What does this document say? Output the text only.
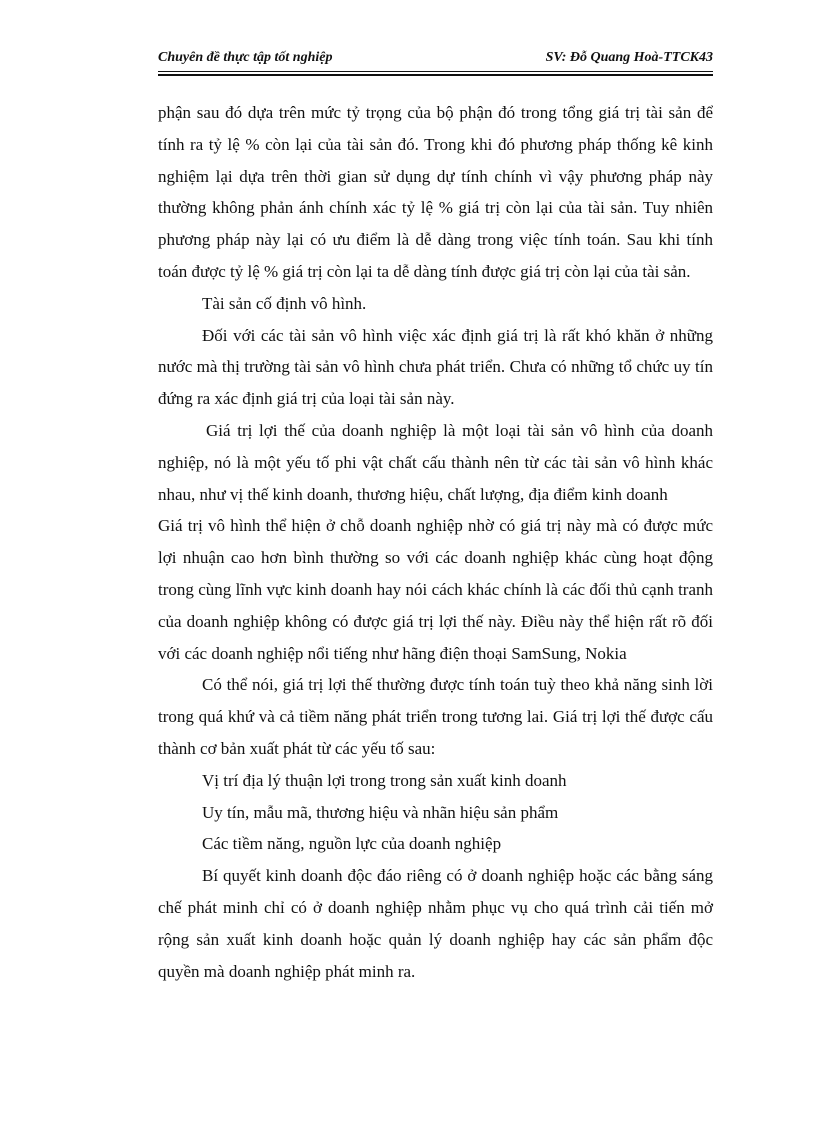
Chuyên đề thực tập tốt nghiệp	SV: Đỗ Quang Hoà-TTCK43

phận sau đó dựa trên mức tỷ trọng của bộ phận đó trong tổng giá trị tài sản để tính ra tỷ lệ % còn lại của tài sản đó. Trong khi đó phương pháp thống kê kinh nghiệm lại dựa trên thời gian sử dụng dự tính chính vì vậy phương pháp này thường không phản ánh chính xác tỷ lệ % giá trị còn lại của tài sản. Tuy nhiên phương pháp này lại có ưu điểm là dễ dàng trong việc tính toán. Sau khi tính toán được tỷ lệ % giá trị còn lại ta dễ dàng tính được giá trị còn lại của tài sản.

Tài sản cố định vô hình.

Đối với các tài sản vô hình việc xác định giá trị là rất khó khăn ở những nước mà thị trường tài sản vô hình chưa phát triển. Chưa có những tổ chức uy tín đứng ra xác định giá trị của loại tài sản này.

Giá trị lợi thế của doanh nghiệp là một loại tài sản vô hình của doanh nghiệp, nó là một yếu tố phi vật chất cấu thành nên từ các tài sản vô hình khác nhau, như vị thế kinh doanh, thương hiệu, chất lượng, địa điểm kinh doanh

Giá trị vô hình thể hiện ở chỗ doanh nghiệp nhờ có giá trị này mà có được mức lợi nhuận cao hơn bình thường so với các doanh nghiệp khác cùng hoạt động trong cùng lĩnh vực kinh doanh hay nói cách khác chính là các đối thủ cạnh tranh của doanh nghiệp không có được giá trị lợi thế này. Điều này thể hiện rất rõ đối với các doanh nghiệp nổi tiếng như hãng điện thoại SamSung, Nokia

Có thể nói, giá trị lợi thế thường được tính toán tuỳ theo khả năng sinh lời trong quá khứ và cả tiềm năng phát triển trong tương lai. Giá trị lợi thế được cấu thành cơ bản xuất phát từ các yếu tố sau:

Vị trí địa lý thuận lợi trong trong sản xuất kinh doanh

Uy tín, mẫu mã, thương hiệu và nhãn hiệu sản phẩm

Các tiềm năng, nguồn lực của doanh nghiệp

Bí quyết kinh doanh độc đáo riêng có ở doanh nghiệp hoặc các bằng sáng chế phát minh chỉ có ở doanh nghiệp nhằm phục vụ cho quá trình cải tiến mở rộng sản xuất kinh doanh hoặc quản lý doanh nghiệp hay các sản phẩm độc quyền mà doanh nghiệp phát minh ra.
